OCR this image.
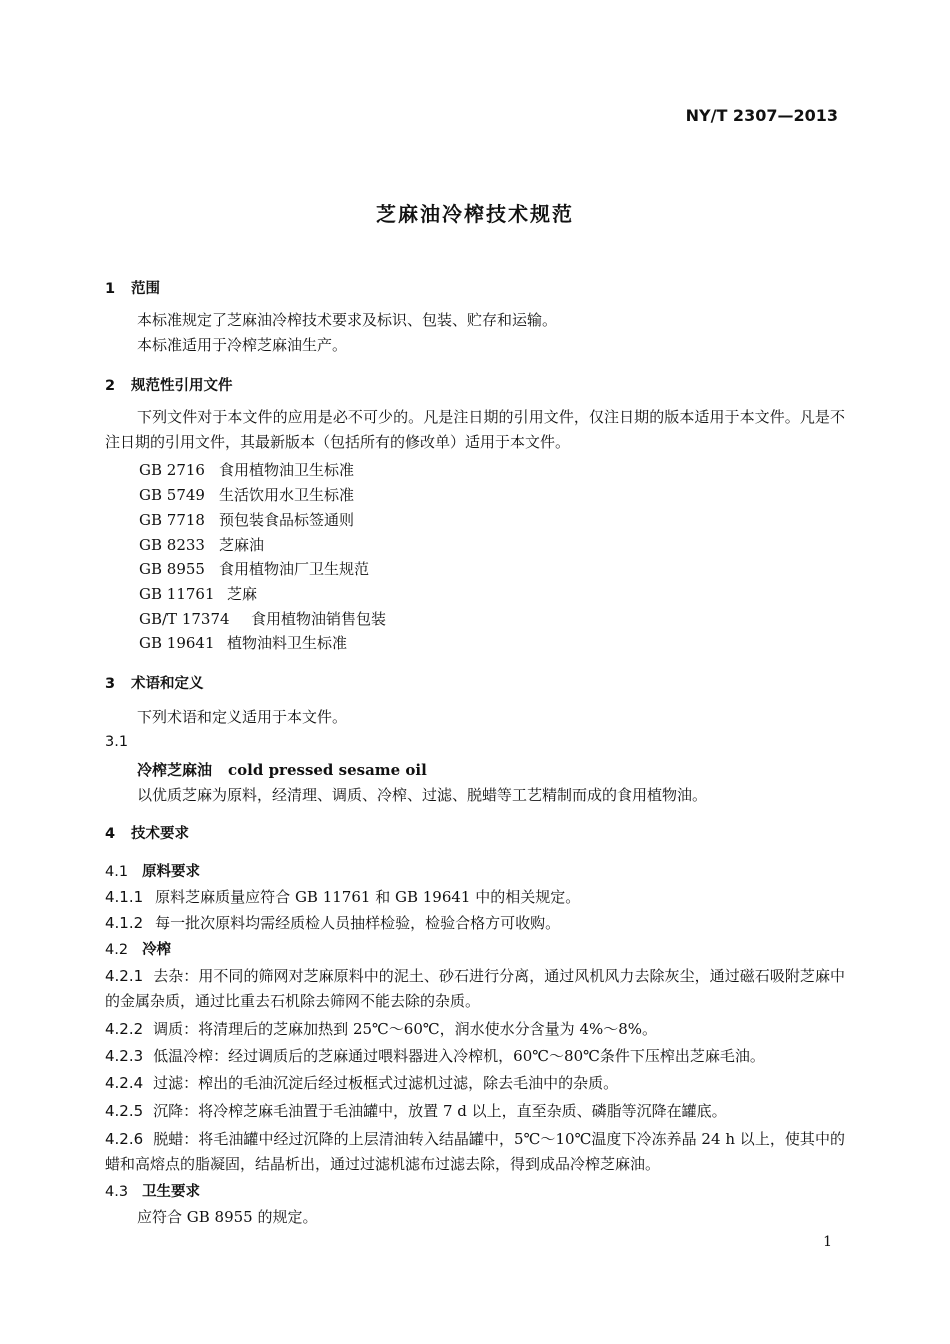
NY/T 2307—2013
芝麻油冷榨技术规范
1 范围
本标准规定了芝麻油冷榨技术要求及标识、包装、贮存和运输。
本标准适用于冷榨芝麻油生产。
2 规范性引用文件
下列文件对于本文件的应用是必不可少的。凡是注日期的引用文件，仅注日期的版本适用于本文件。凡是不注日期的引用文件，其最新版本（包括所有的修改单）适用于本文件。
GB 2716 食用植物油卫生标准
GB 5749 生活饮用水卫生标准
GB 7718 预包装食品标签通则
GB 8233 芝麻油
GB 8955 食用植物油厂卫生规范
GB 11761 芝麻
GB/T 17374 食用植物油销售包装
GB 19641 植物油料卫生标准
3 术语和定义
下列术语和定义适用于本文件。
3.1
冷榨芝麻油 cold pressed sesame oil
以优质芝麻为原料，经清理、调质、冷榨、过滤、脱蜡等工艺精制而成的食用植物油。
4 技术要求
4.1 原料要求
4.1.1 原料芝麻质量应符合 GB 11761 和 GB 19641 中的相关规定。
4.1.2 每一批次原料均需经质检人员抽样检验，检验合格方可收购。
4.2 冷榨
4.2.1 去杂：用不同的筛网对芝麻原料中的泥土、砂石进行分离，通过风机风力去除灰尘，通过磁石吸附芝麻中的金属杂质，通过比重去石机除去筛网不能去除的杂质。
4.2.2 调质：将清理后的芝麻加热到 25℃～60℃，润水使水分含量为 4%～8%。
4.2.3 低温冷榨：经过调质后的芝麻通过喂料器进入冷榨机，60℃～80℃条件下压榨出芝麻毛油。
4.2.4 过滤：榨出的毛油沉淀后经过板框式过滤机过滤，除去毛油中的杂质。
4.2.5 沉降：将冷榨芝麻毛油置于毛油罐中，放置 7 d 以上，直至杂质、磷脂等沉降在罐底。
4.2.6 脱蜡：将毛油罐中经过沉降的上层清油转入结晶罐中，5℃～10℃温度下冷冻养晶 24 h 以上，使其中的蜡和高熔点的脂凝固，结晶析出，通过过滤机滤布过滤去除，得到成品冷榨芝麻油。
4.3 卫生要求
应符合 GB 8955 的规定。
1
